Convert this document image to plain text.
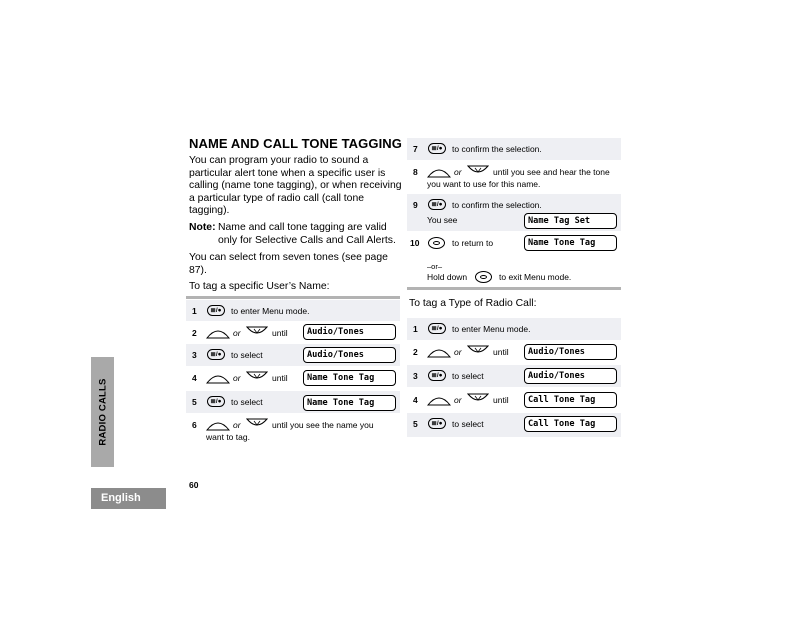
NAME AND CALL TONE TAGGING
You can program your radio to sound a
particular alert tone when a specific user is
calling (name tone tagging), or when receiving
a particular type of radio call (call tone
tagging).
Note: Name and call tone tagging are valid
only for Selective Calls and Call Alerts.
You can select from seven tones (see page
87).
To tag a specific User’s Name:
1	≣/●	to enter Menu mode.
2	or	until	Audio/Tones
3	≣/●	to select	Audio/Tones
4	or	until	Name Tone Tag
5	≣/●	to select	Name Tone Tag
6	or	until you see the name you
want to tag.
7	≣/●	to confirm the selection.
8	or	until you see and hear the tone
you want to use for this name.
9	≣/●	to confirm the selection.
You see	Name Tag Set
10	to return to	Name Tone Tag
–or–
Hold down	to exit Menu mode.
To tag a Type of Radio Call:
1	≣/●	to enter Menu mode.
2	or	until	Audio/Tones
3	≣/●	to select	Audio/Tones
4	or	until	Call Tone Tag
5	≣/●	to select	Call Tone Tag
60
RADIO CALLS
English
